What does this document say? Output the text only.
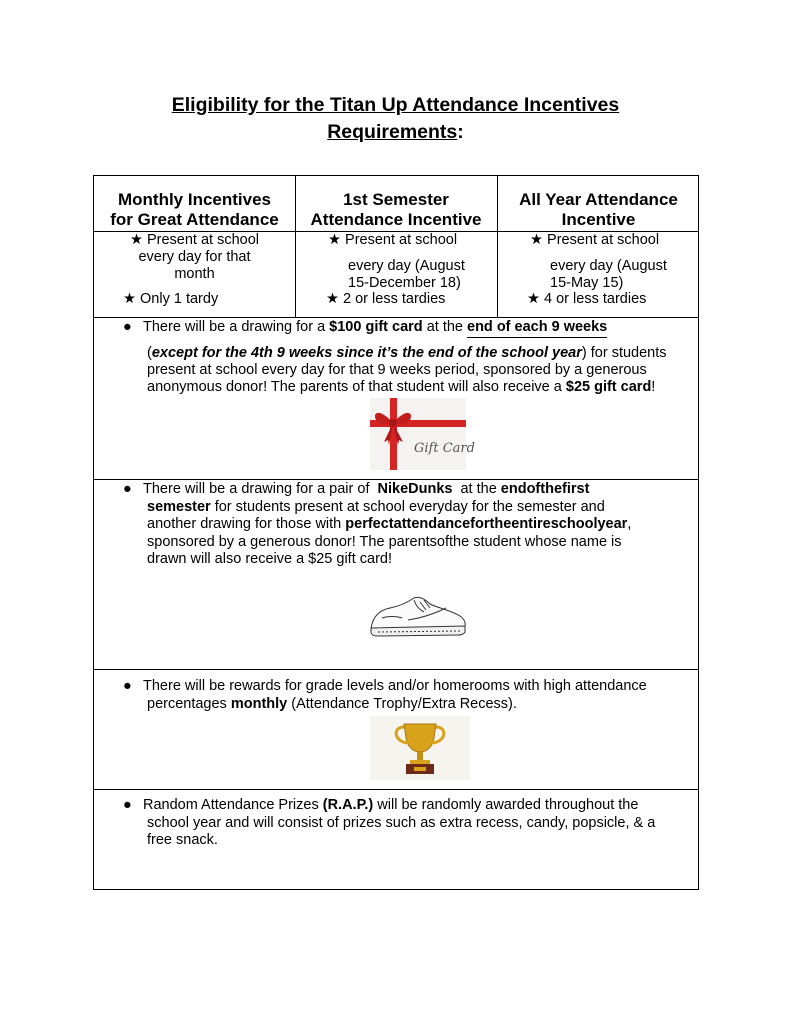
Eligibility for the Titan Up Attendance Incentives
Requirements:
Monthly Incentives
for Great Attendance
★ Present at school
every day for that
month
★ Only 1 tardy
1st Semester
Attendance Incentive
★ Present at school
every day (August
15-December 18)
★ 2 or less tardies
All Year Attendance
Incentive
★ Present at school
every day (August
15-May 15)
★ 4 or less tardies
● There will be a drawing for a $100 gift card at the end of each 9 weeks
(except for the 4th 9 weeks since it’s the end of the school year) for students
present at school every day for that 9 weeks period, sponsored by a generous
anonymous donor! The parents of that student will also receive a $25 gift card!
Gift Card
● There will be a drawing for a pair of NikeDunks at the endofthefirst
semester for students present at school everyday for the semester and
another drawing for those with perfectattendancefortheentireschoolyear,
sponsored by a generous donor! The parentsofthe student whose name is
drawn will also receive a $25 gift card!
● There will be rewards for grade levels and/or homerooms with high attendance
percentages monthly (Attendance Trophy/Extra Recess).
● Random Attendance Prizes (R.A.P.) will be randomly awarded throughout the
school year and will consist of prizes such as extra recess, candy, popsicle, & a
free snack.
